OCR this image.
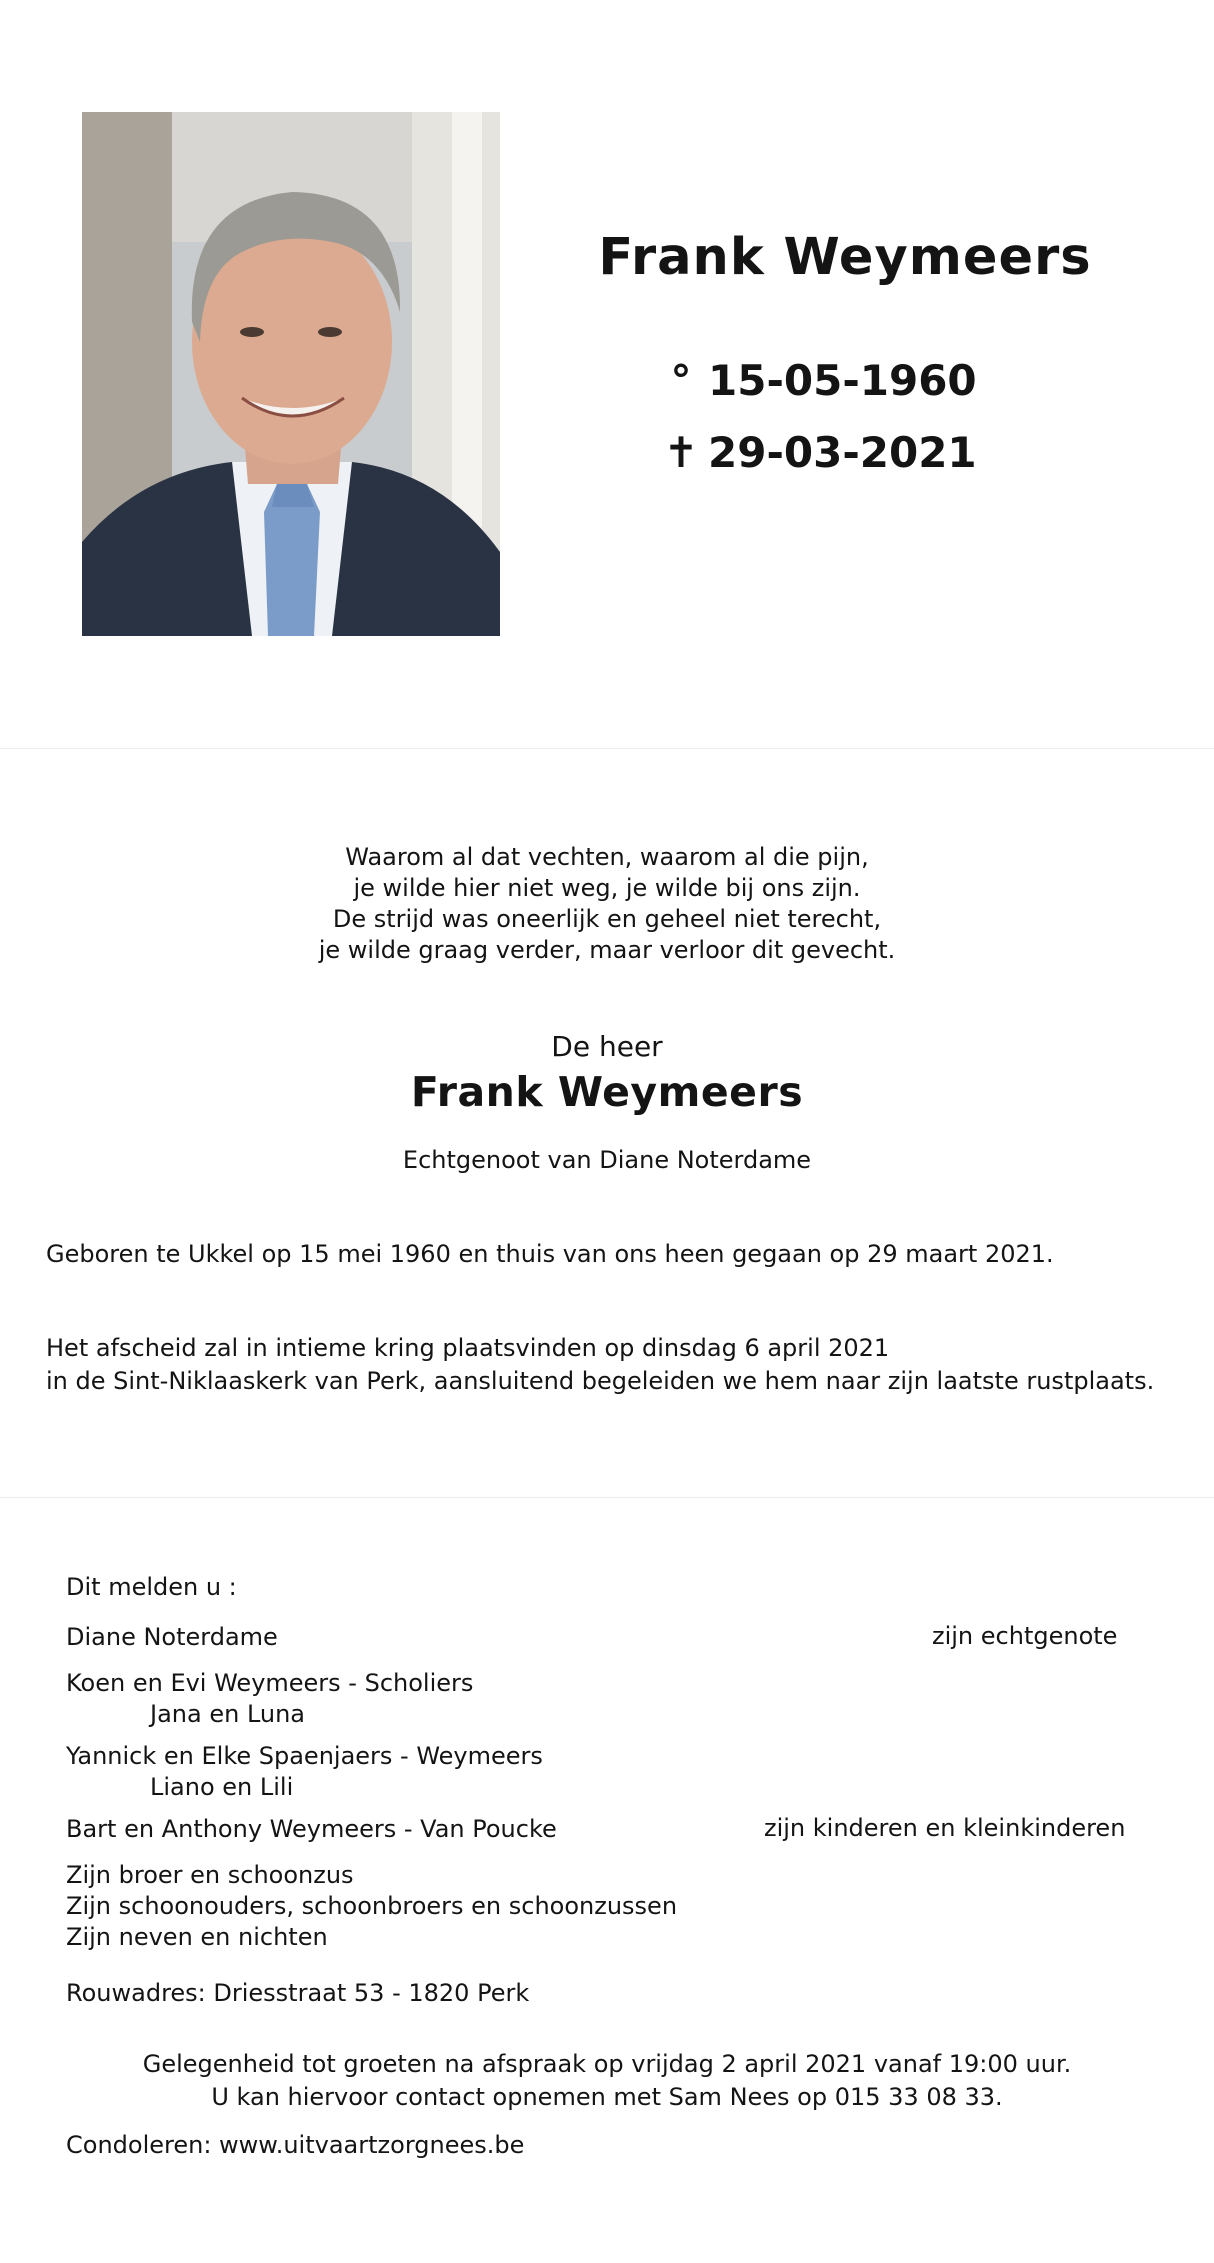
Frank Weymeers
° 15-05-1960
✝ 29-03-2021
Waarom al dat vechten, waarom al die pijn,
je wilde hier niet weg, je wilde bij ons zijn.
De strijd was oneerlijk en geheel niet terecht,
je wilde graag verder, maar verloor dit gevecht.
De heer
Frank Weymeers
Echtgenoot van Diane Noterdame
Geboren te Ukkel op 15 mei 1960 en thuis van ons heen gegaan op 29 maart 2021.
Het afscheid zal in intieme kring plaatsvinden op dinsdag 6 april 2021
in de Sint-Niklaaskerk van Perk, aansluitend begeleiden we hem naar zijn laatste rustplaats.
Dit melden u :
Diane Noterdame	zijn echtgenote
Koen en Evi Weymeers - Scholiers
Jana en Luna
Yannick en Elke Spaenjaers - Weymeers
Liano en Lili
Bart en Anthony Weymeers - Van Poucke	zijn kinderen en kleinkinderen
Zijn broer en schoonzus
Zijn schoonouders, schoonbroers en schoonzussen
Zijn neven en nichten
Rouwadres: Driesstraat 53 - 1820 Perk
Gelegenheid tot groeten na afspraak op vrijdag 2 april 2021 vanaf 19:00 uur.
U kan hiervoor contact opnemen met Sam Nees op 015 33 08 33.
Condoleren: www.uitvaartzorgnees.be
